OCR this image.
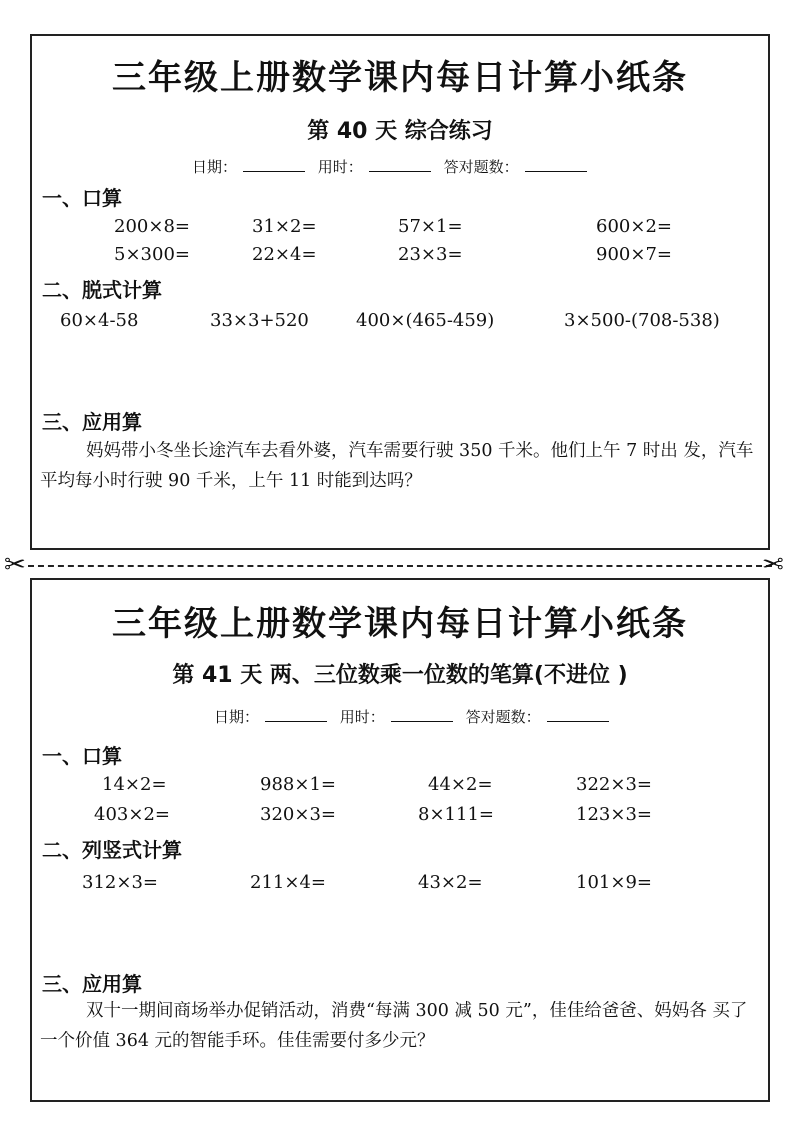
三年级上册数学课内每日计算小纸条
第 40 天 综合练习
日期：	用时：	答对题数：
一、口算
200×8=	31×2=	57×1=	600×2=
5×300=	22×4=	23×3=	900×7=
二、脱式计算
60×4-58	33×3+520	400×(465-459)	3×500-(708-538)
三、应用算
妈妈带小冬坐长途汽车去看外婆，汽车需要行驶 350 千米。他们上午 7 时出 发，汽车平均每小时行驶 90 千米，上午 11 时能到达吗？
✂	✂
三年级上册数学课内每日计算小纸条
第 41 天 两、三位数乘一位数的笔算(不进位 )
日期：	用时：	答对题数：
一、口算
14×2=	988×1=	44×2=	322×3=
403×2=	320×3=	8×111=	123×3=
二、列竖式计算
312×3=	211×4=	43×2=	101×9=
三、应用算
双十一期间商场举办促销活动，消费“每满 300 减 50 元”，佳佳给爸爸、妈妈各 买了一个价值 364 元的智能手环。佳佳需要付多少元？
